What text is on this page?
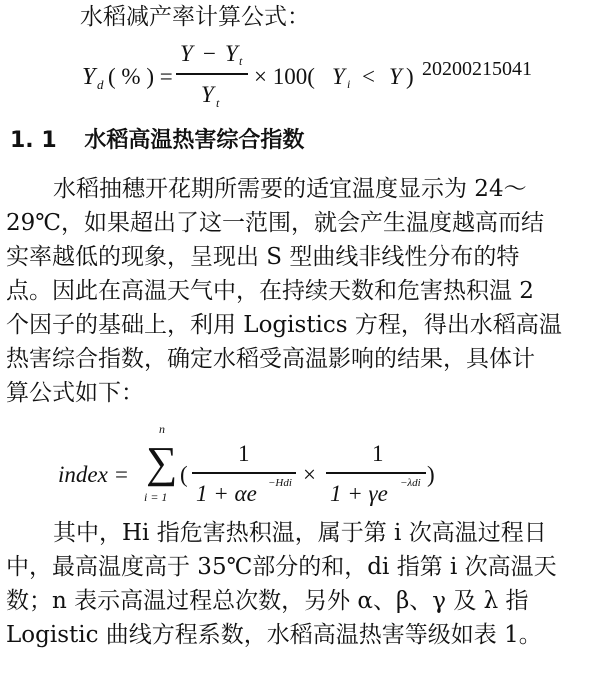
水稻减产率计算公式：
Y d ( % ) =
Y − Y t
Y t
× 100( Y i < Y ) 20200215041
1. 1 水稻高温热害综合指数
水稻抽穗开花期所需要的适宜温度显示为 24～
29℃，如果超出了这一范围，就会产生温度越高而结
实率越低的现象，呈现出 S 型曲线非线性分布的特
点。因此在高温天气中，在持续天数和危害热积温 2
个因子的基础上，利用 Logistics 方程，得出水稻高温
热害综合指数，确定水稻受高温影响的结果，具体计
算公式如下：
index =
n
∑
i = 1
(
1
1 + αe −Hdi ×
1
1 + γe −λdi )
其中，Hi 指危害热积温，属于第 i 次高温过程日
中，最高温度高于 35℃部分的和，di 指第 i 次高温天
数；n 表示高温过程总次数，另外 α、β、γ 及 λ 指
Logistic 曲线方程系数，水稻高温热害等级如表 1。
